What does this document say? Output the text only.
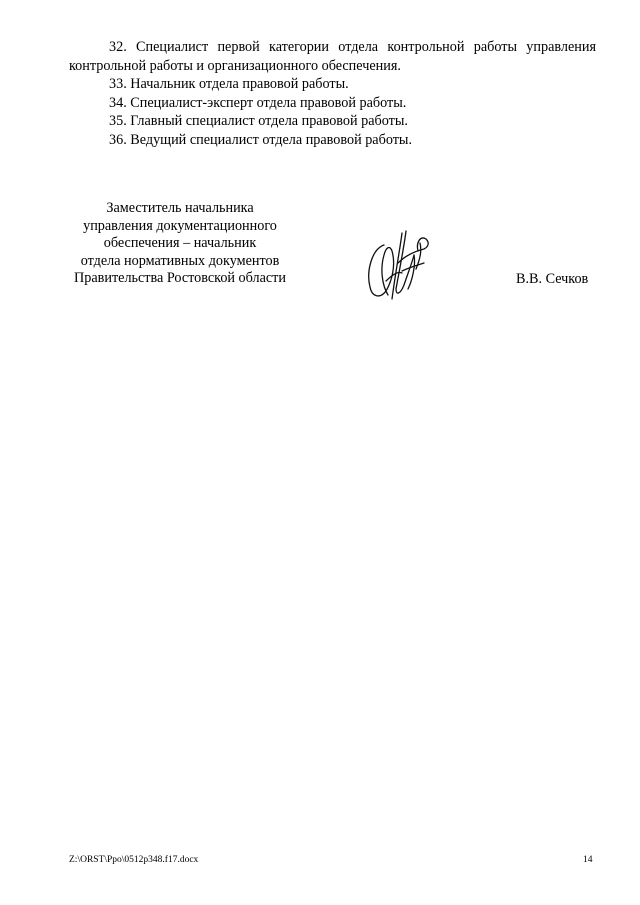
32. Специалист первой категории отдела контрольной работы управления контрольной работы и организационного обеспечения.

33. Начальник отдела правовой работы.

34. Специалист-эксперт отдела правовой работы.

35. Главный специалист отдела правовой работы.

36. Ведущий специалист отдела правовой работы.

Заместитель начальника
управления документационного
обеспечения – начальник
отдела нормативных документов
Правительства Ростовской области	В.В. Сечков
Z:\ORST\Ppo\0512p348.f17.docx	14
